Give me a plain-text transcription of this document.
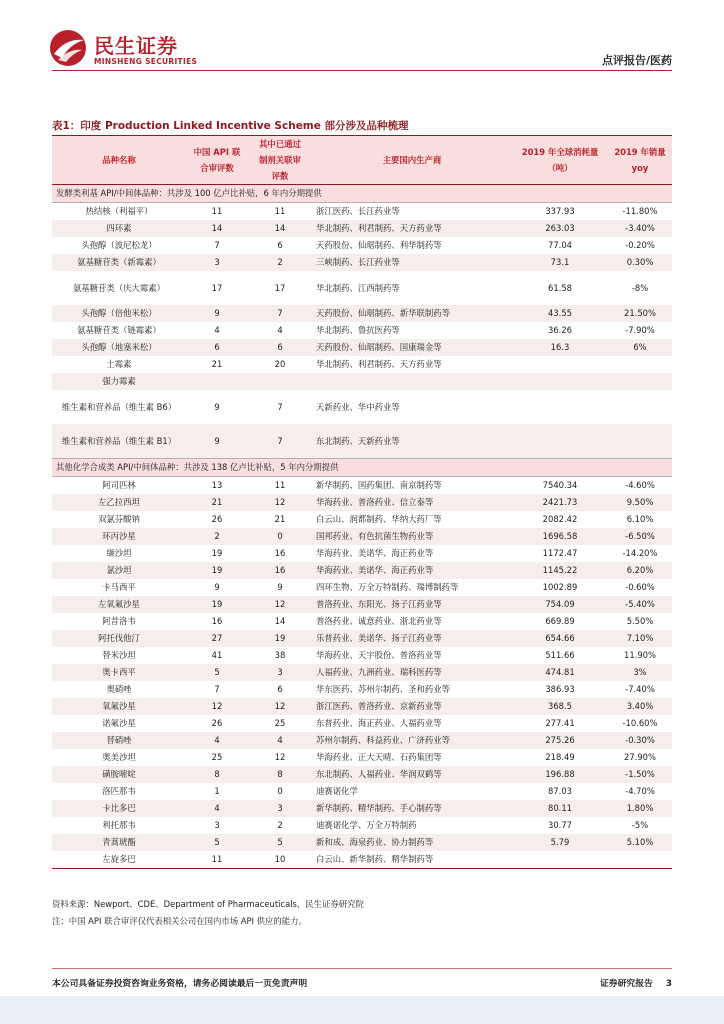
民生证券
MINSHENG SECURITIES	点评报告/医药
表1：印度 Production Linked Incentive Scheme 部分涉及品种梳理
品种名称	中国 API 联合审评数	其中已通过制剂关联审评数	主要国内生产商	2019 年全球消耗量（吨）	2019 年销量 yoy
发酵类利基 API/中间体品种：共涉及 100 亿卢比补贴，6 年内分期提供					
热结核（利福平）	11	11	浙江医药、长江药业等	337.93	-11.80%
四环素	14	14	华北制药、利君制药、天方药业等	263.03	-3.40%
头孢醇（波尼松龙）	7	6	天药股份、仙琚制药、利华制药等	77.04	-0.20%
氨基糖苷类（新霉素）	3	2	三峡制药、长江药业等	73.1	0.30%
氨基糖苷类（庆大霉素）	17	17	华北制药、江西制药等	61.58	-8%
头孢醇（倍他米松）	9	7	天药股份、仙琚制药、新华联制药等	43.55	21.50%
氨基糖苷类（链霉素）	4	4	华北制药、鲁抗医药等	36.26	-7.90%
头孢醇（地塞米松）	6	6	天药股份、仙琚制药、国康瑞金等	16.3	6%
土霉素	21	20	华北制药、利君制药、天方药业等		
强力霉素					
维生素和营养品（维生素 B6）	9	7	天新药业、华中药业等		
维生素和营养品（维生素 B1）	9	7	东北制药、天新药业等		
其他化学合成类 API/中间体品种：共涉及 138 亿卢比补贴，5 年内分期提供					
阿司匹林	13	11	新华制药、国药集团、南京制药等	7540.34	-4.60%
左乙拉西坦	21	12	华海药业、普洛药业、信立泰等	2421.73	9.50%
双氯芬酸钠	26	21	白云山、润都制药、华纳大药厂等	2082.42	6.10%
环丙沙星	2	0	国邦药业、有色抗菌生物药业等	1696.58	-6.50%
缬沙坦	19	16	华海药业、美诺华、海正药业等	1172.47	-14.20%
氯沙坦	19	16	华海药业、美诺华、海正药业等	1145.22	6.20%
卡马西平	9	9	四环生物、万全万特制药、瑞博制药等	1002.89	-0.60%
左氧氟沙星	19	12	普洛药业、东阳光、扬子江药业等	754.09	-5.40%
阿昔洛韦	16	14	普洛药业、诚意药业、浙北药业等	669.89	5.50%
阿托伐他汀	27	19	乐普药业、美诺华、扬子江药业等	654.66	7.10%
替米沙坦	41	38	华海药业、天宇股份、普洛药业等	511.66	11.90%
奥卡西平	5	3	人福药业、九洲药业、瑞科医药等	474.81	3%
奥硝唑	7	6	华东医药、苏州尔制药、圣和药业等	386.93	-7.40%
氧氟沙星	12	12	浙江医药、普洛药业、京新药业等	368.5	3.40%
诺氟沙星	26	25	东普药业、海正药业、人福药业等	277.41	-10.60%
替硝唑	4	4	苏州尔制药、科益药业、广济药业等	275.26	-0.30%
奥美沙坦	25	12	华海药业、正大天晴、石药集团等	218.49	27.90%
磺胺嘧啶	8	8	东北制药、人福药业、华润双鹤等	196.88	-1.50%
洛匹那韦	1	0	迪赛诺化学	87.03	-4.70%
卡比多巴	4	3	新华制药、精华制药、手心制药等	80.11	1.80%
利托那韦	3	2	迪赛诺化学、万全万特制药	30.77	-5%
青蒿琥酯	5	5	新和成、海泉药业、协力制药等	5.79	5.10%
左旋多巴	11	10	白云山、新华制药、精华制药等		
资料来源：Newport、CDE、Department of Pharmaceuticals，民生证券研究院
注：中国 API 联合审评仅代表相关公司在国内市场 API 供应的能力。
本公司具备证券投资咨询业务资格，请务必阅读最后一页免责声明	证券研究报告 3
